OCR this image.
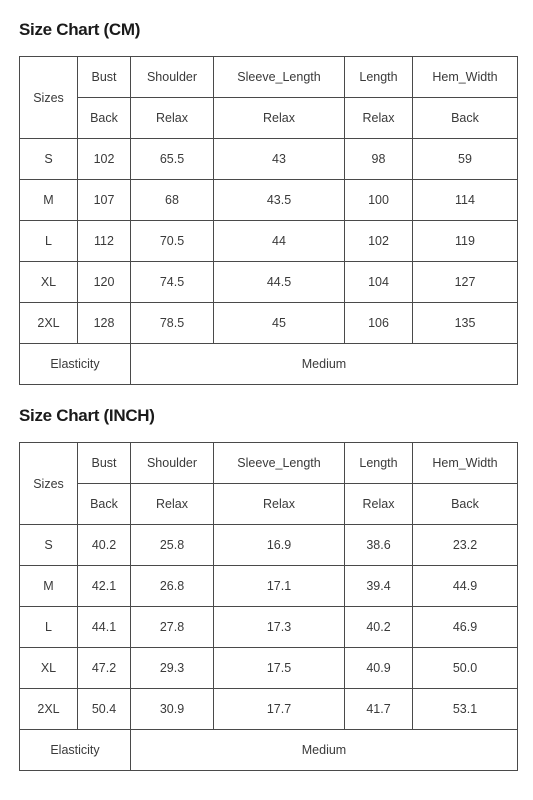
Size Chart (CM)
Sizes	Bust	Shoulder	Sleeve_Length	Length	Hem_Width
	Back	Relax	Relax	Relax	Back
S	102	65.5	43	98	59
M	107	68	43.5	100	114
L	112	70.5	44	102	119
XL	120	74.5	44.5	104	127
2XL	128	78.5	45	106	135
Elasticity		Medium			
Size Chart (INCH)
Sizes	Bust	Shoulder	Sleeve_Length	Length	Hem_Width
	Back	Relax	Relax	Relax	Back
S	40.2	25.8	16.9	38.6	23.2
M	42.1	26.8	17.1	39.4	44.9
L	44.1	27.8	17.3	40.2	46.9
XL	47.2	29.3	17.5	40.9	50.0
2XL	50.4	30.9	17.7	41.7	53.1
Elasticity		Medium			
